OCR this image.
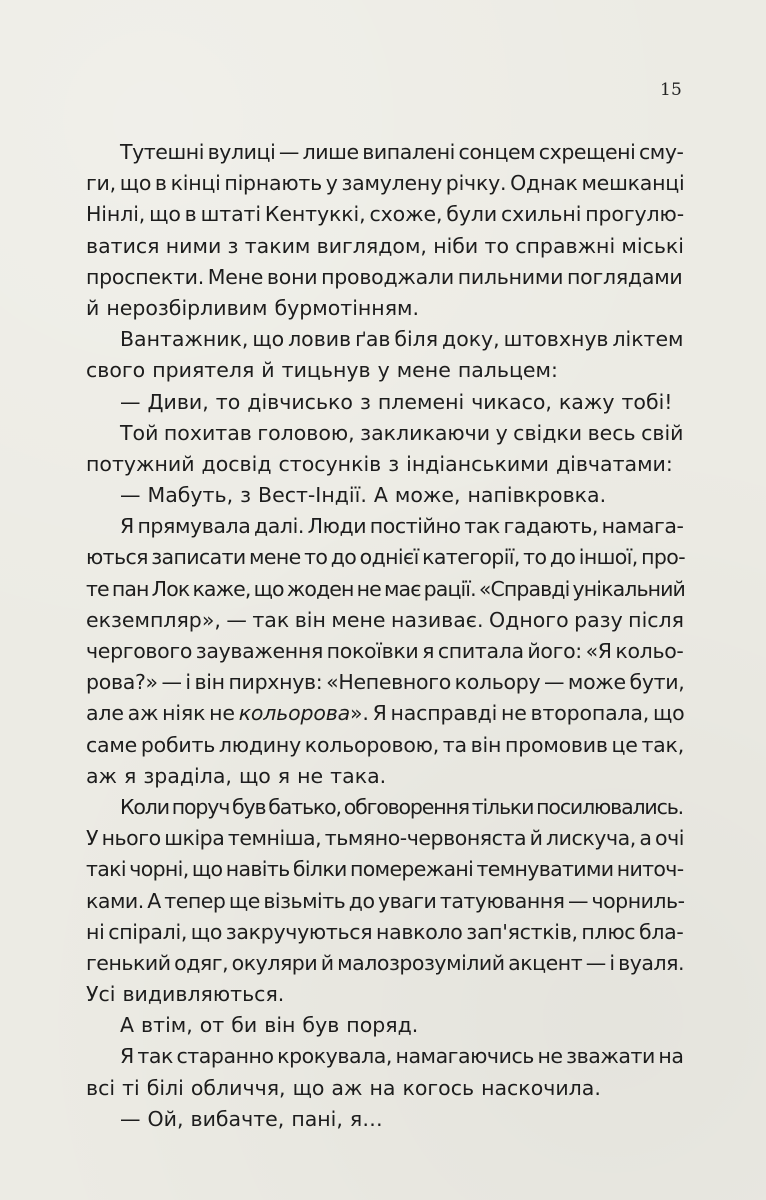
15
Тутешні вулиці — лише випалені сонцем схрещені сму-
ги, що в кінці пірнають у замулену річку. Однак мешканці
Нінлі, що в штаті Кентуккі, схоже, були схильні прогулю-
ватися ними з таким виглядом, ніби то справжні міські
проспекти. Мене вони проводжали пильними поглядами
й нерозбірливим бурмотінням.
Вантажник, що ловив ґав біля доку, штовхнув ліктем
свого приятеля й тицьнув у мене пальцем:
— Диви, то дівчисько з племені чикасо, кажу тобі!
Той похитав головою, закликаючи у свідки весь свій
потужний досвід стосунків з індіанськими дівчатами:
— Мабуть, з Вест-Індії. А може, напівкровка.
Я прямувала далі. Люди постійно так гадають, намага-
ються записати мене то до однієї категорії, то до іншої, про-
те пан Лок каже, що жоден не має рації. «Справді унікальний
екземпляр», — так він мене називає. Одного разу після
чергового зауваження покоївки я спитала його: «Я кольо-
рова?» — і він пирхнув: «Непевного кольору — може бути,
але аж ніяк не кольорова». Я насправді не второпала, що
саме робить людину кольоровою, та він промовив це так,
аж я зраділа, що я не така.
Коли поруч був батько, обговорення тільки посилювались.
У нього шкіра темніша, тьмяно-червоняста й лискуча, а очі
такі чорні, що навіть білки помережані темнуватими ниточ-
ками. А тепер ще візьміть до уваги татуювання — чорниль-
ні спіралі, що закручуються навколо зап'ястків, плюс бла-
генький одяг, окуляри й малозрозумілий акцент — і вуаля.
Усі видивляються.
А втім, от би він був поряд.
Я так старанно крокувала, намагаючись не зважати на
всі ті білі обличчя, що аж на когось наскочила.
— Ой, вибачте, пані, я…
